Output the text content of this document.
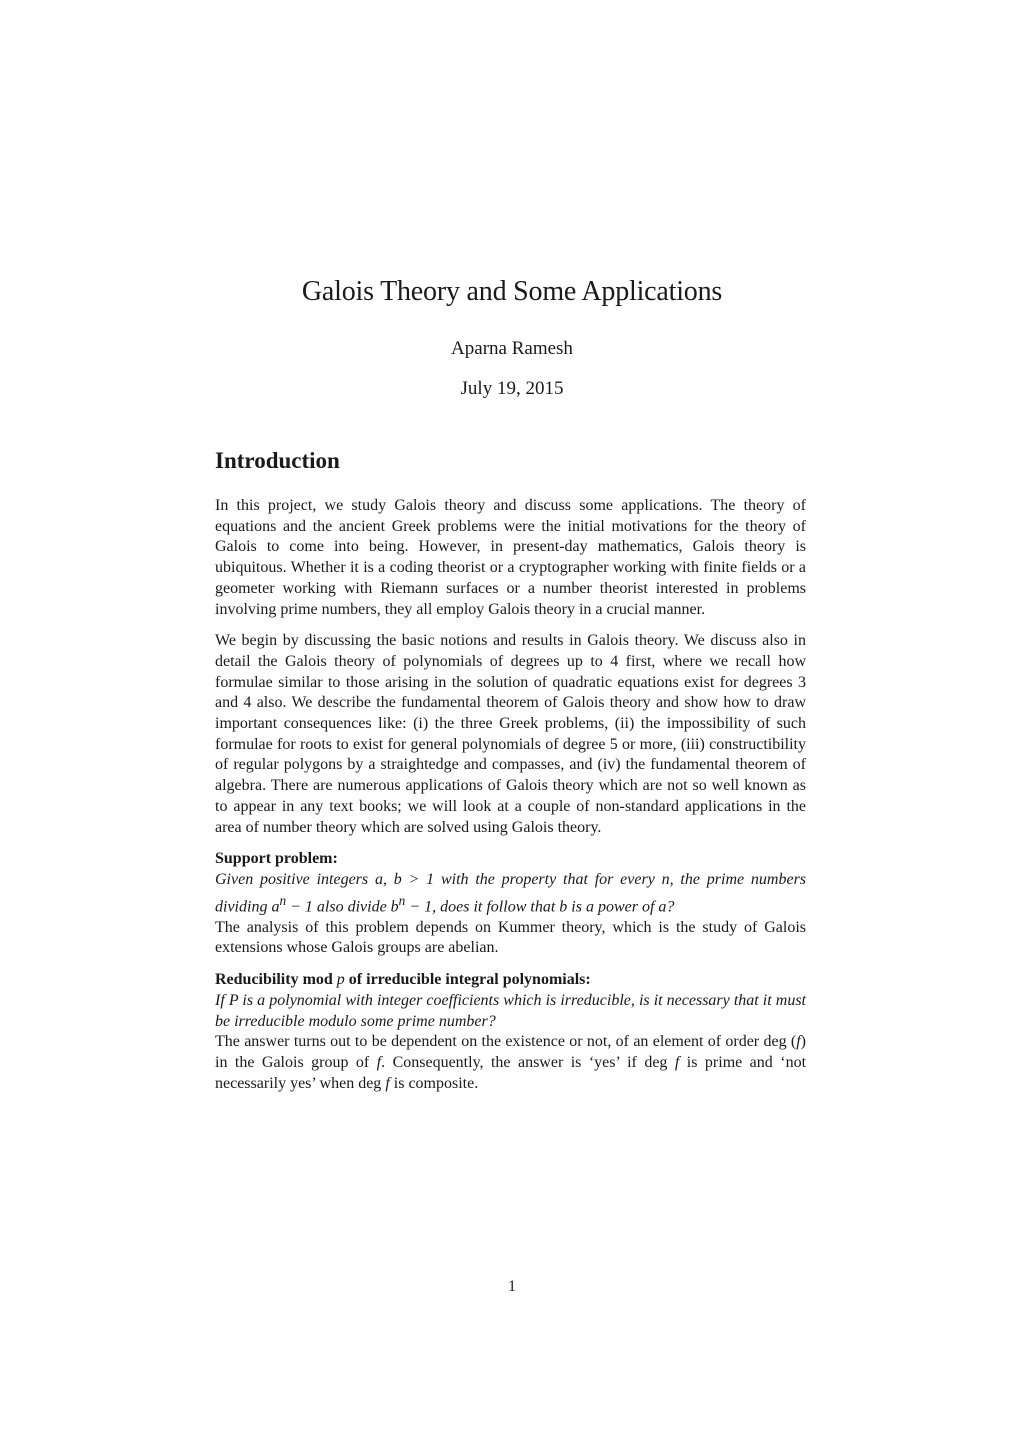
Galois Theory and Some Applications
Aparna Ramesh
July 19, 2015
Introduction

In this project, we study Galois theory and discuss some applications. The theory of equations and the ancient Greek problems were the initial motivations for the theory of Galois to come into being. However, in present-day mathematics, Galois theory is ubiquitous. Whether it is a coding theorist or a cryptographer working with finite fields or a geometer working with Riemann surfaces or a number theorist interested in problems involving prime numbers, they all employ Galois theory in a crucial manner.

We begin by discussing the basic notions and results in Galois theory. We discuss also in detail the Galois theory of polynomials of degrees up to 4 first, where we recall how formulae similar to those arising in the solution of quadratic equations exist for degrees 3 and 4 also. We describe the fundamental theorem of Galois theory and show how to draw important consequences like: (i) the three Greek problems, (ii) the impossibility of such formulae for roots to exist for general polynomials of degree 5 or more, (iii) constructibility of regular polygons by a straightedge and compasses, and (iv) the fundamental theorem of algebra. There are numerous applications of Galois theory which are not so well known as to appear in any text books; we will look at a couple of non-standard applications in the area of number theory which are solved using Galois theory.

Support problem:

Given positive integers a, b > 1 with the property that for every n, the prime numbers dividing $a^n - 1$ also divide $b^n - 1$, does it follow that b is a power of a?

The analysis of this problem depends on Kummer theory, which is the study of Galois extensions whose Galois groups are abelian.

Reducibility mod p of irreducible integral polynomials:

If P is a polynomial with integer coefficients which is irreducible, is it necessary that it must be irreducible modulo some prime number?

The answer turns out to be dependent on the existence or not, of an element of order deg (f) in the Galois group of f. Consequently, the answer is ‘yes’ if deg f is prime and ‘not necessarily yes’ when deg f is composite.

1
